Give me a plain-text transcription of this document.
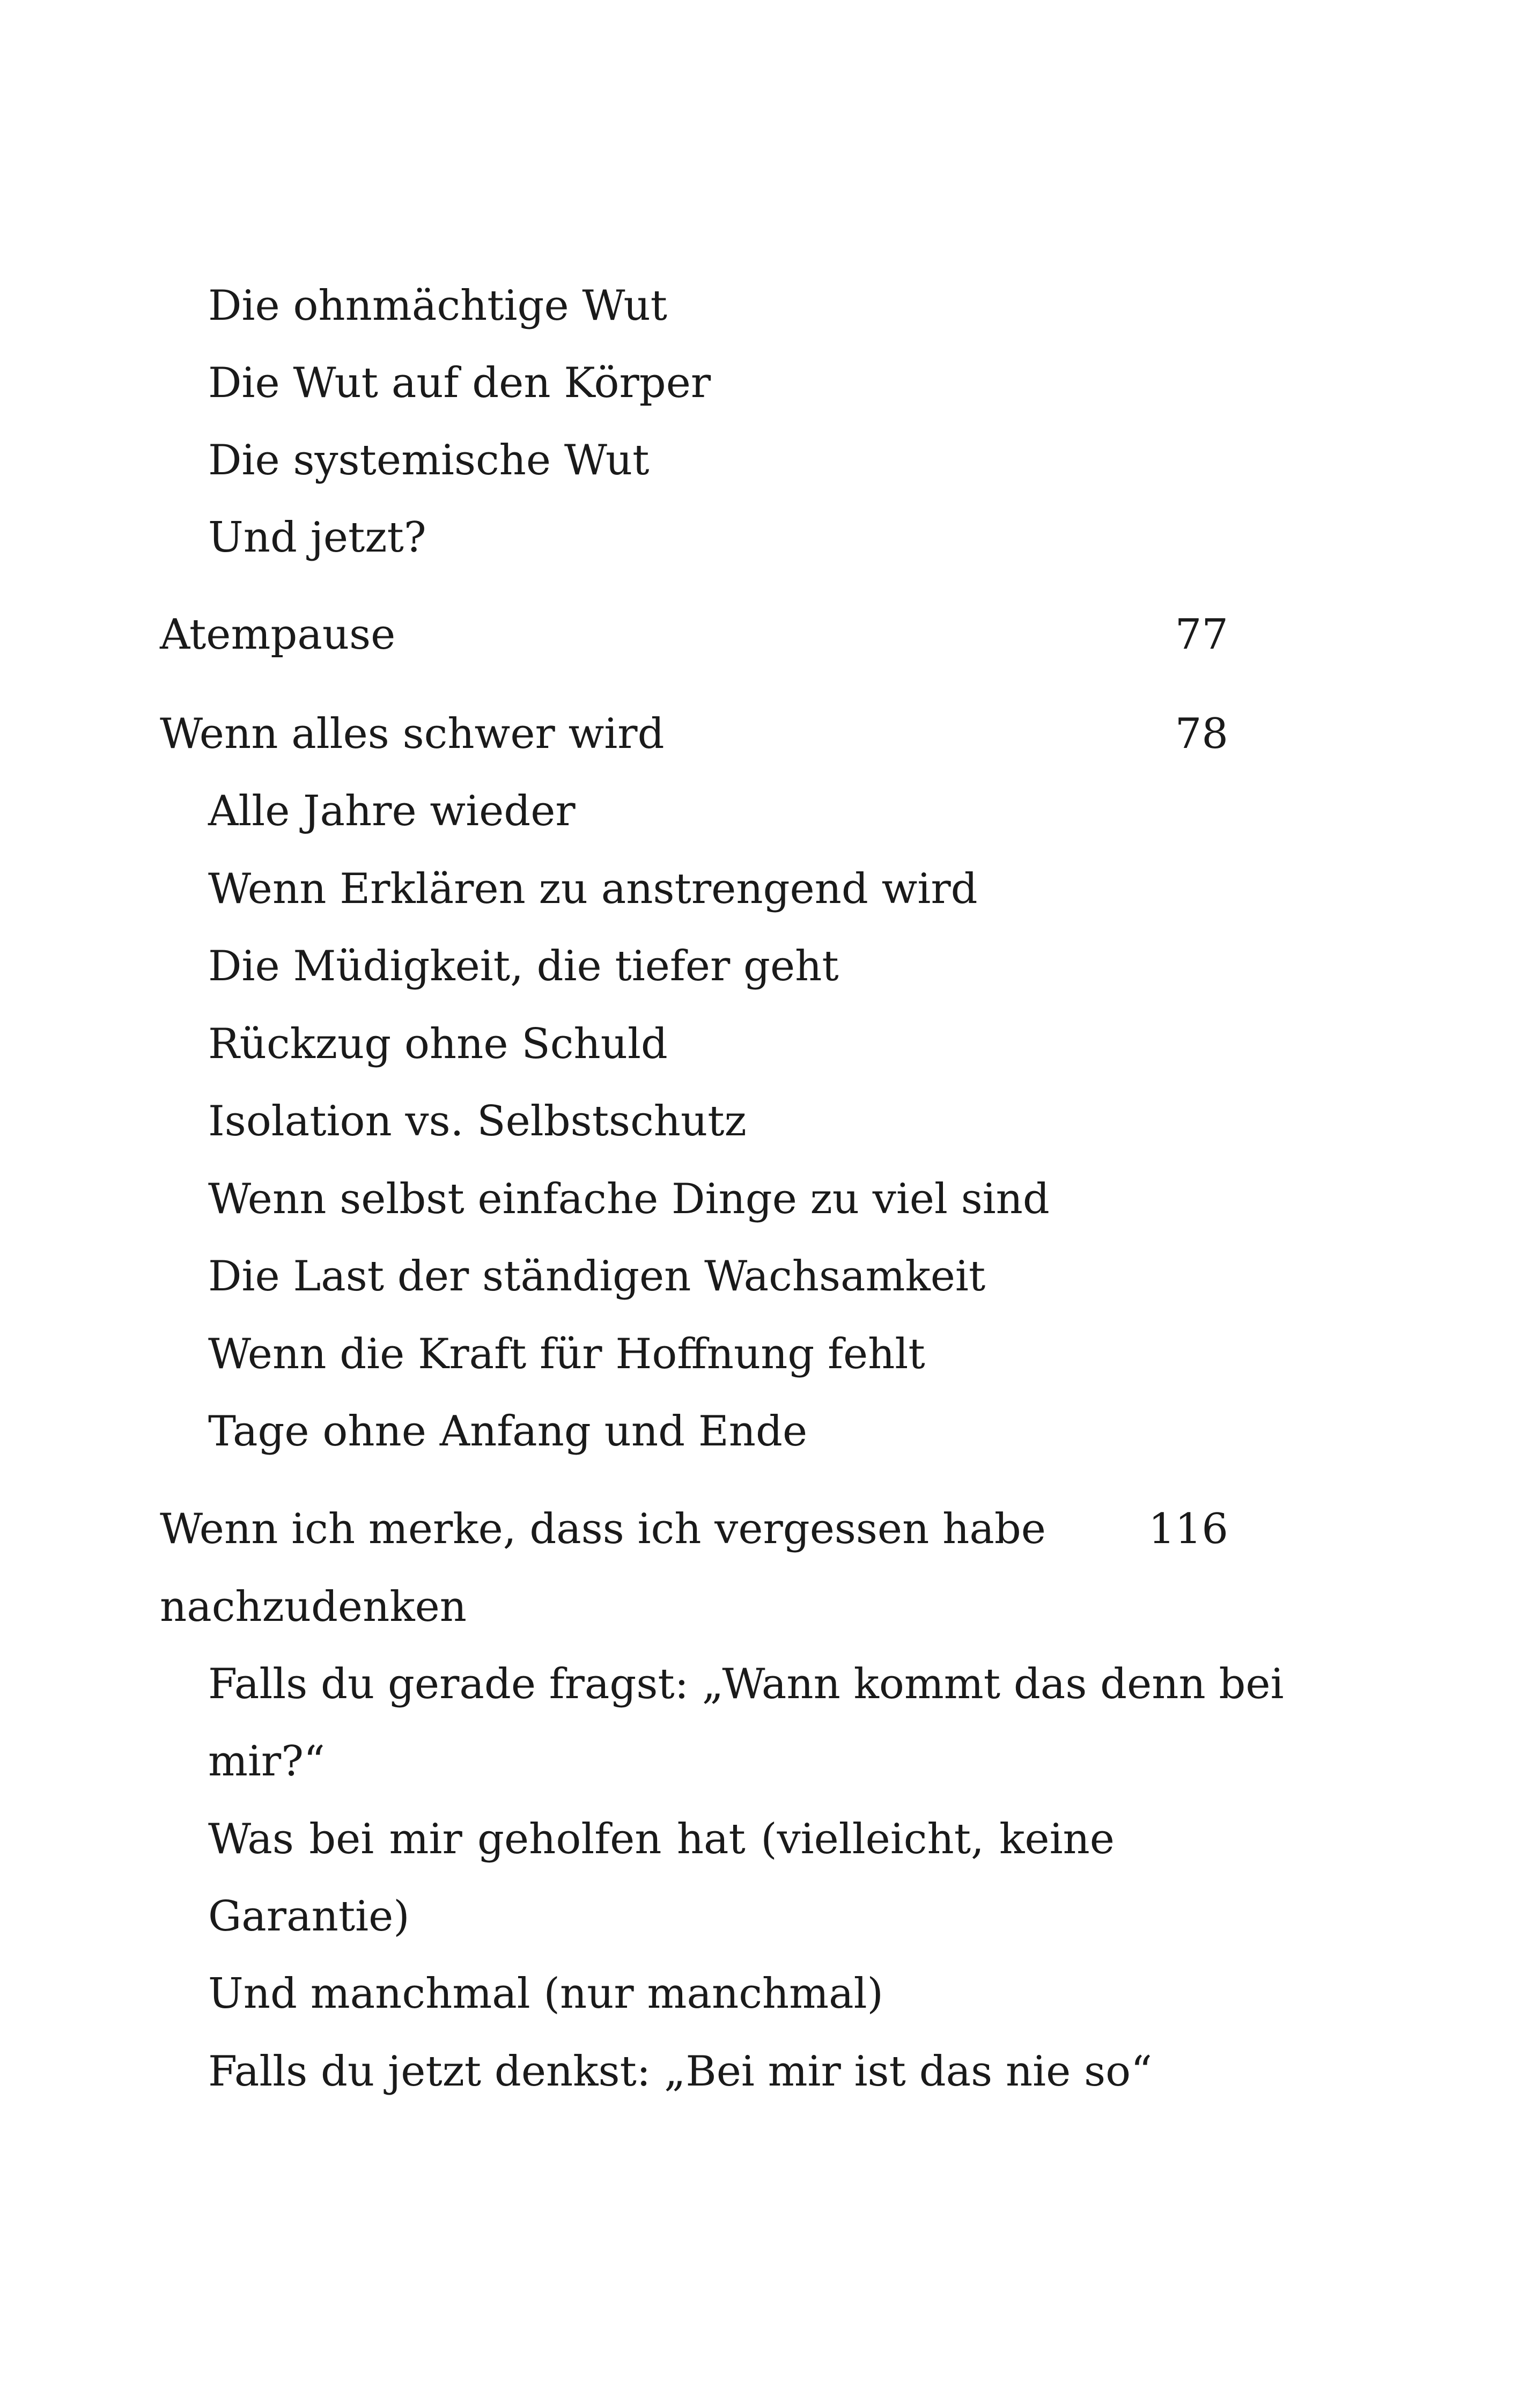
Die ohnmächtige Wut
Die Wut auf den Körper
Die systemische Wut
Und jetzt?
Atempause	77
Wenn alles schwer wird	78
Alle Jahre wieder
Wenn Erklären zu anstrengend wird
Die Müdigkeit, die tiefer geht
Rückzug ohne Schuld
Isolation vs. Selbstschutz
Wenn selbst einfache Dinge zu viel sind
Die Last der ständigen Wachsamkeit
Wenn die Kraft für Hoffnung fehlt
Tage ohne Anfang und Ende
Wenn ich merke, dass ich vergessen habe	116
nachzudenken
Falls du gerade fragst: „Wann kommt das denn bei
mir?“
Was bei mir geholfen hat (vielleicht, keine
Garantie)
Und manchmal (nur manchmal)
Falls du jetzt denkst: „Bei mir ist das nie so“
